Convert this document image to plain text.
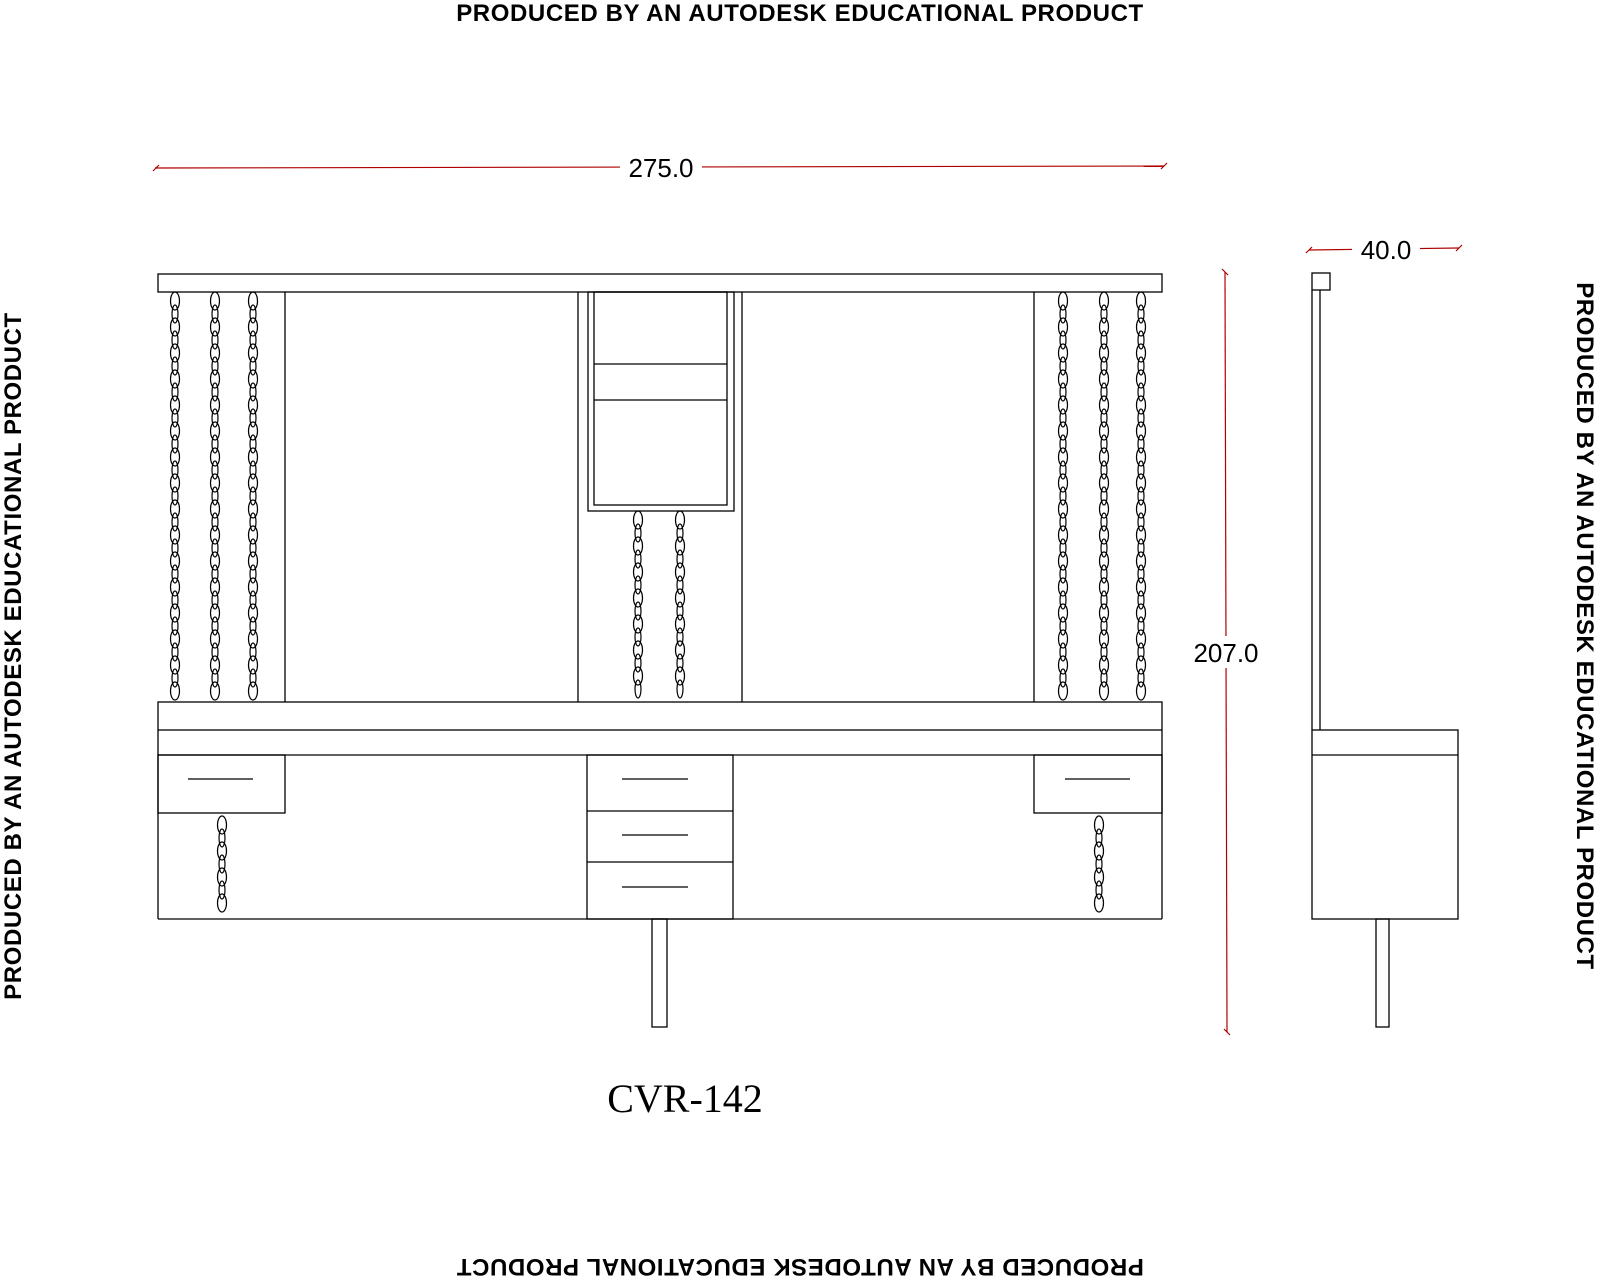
PRODUCED BY AN AUTODESK EDUCATIONAL PRODUCT
PRODUCED BY AN AUTODESK EDUCATIONAL PRODUCT
PRODUCED BY AN AUTODESK EDUCATIONAL PRODUCT	PRODUCED BY AN AUTODESK EDUCATIONAL PRODUCT
275.0
207.0
40.0
CVR-142
